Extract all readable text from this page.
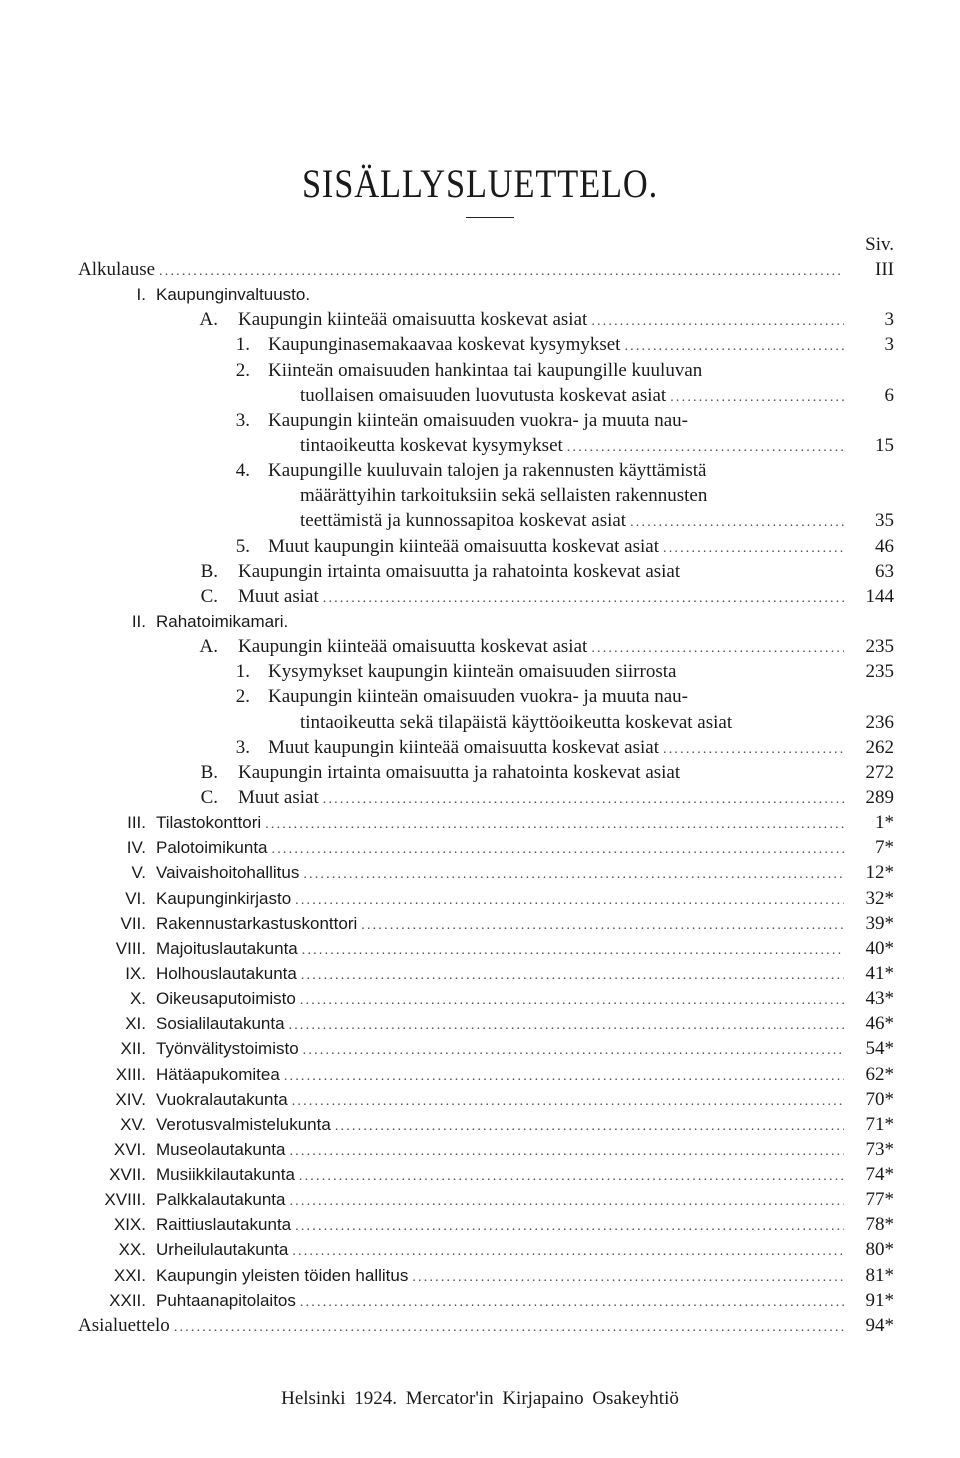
SISÄLLYSLUETTELO.
Siv.
Alkulause .....	III
I. Kaupunginvaltuusto.
A. Kaupungin kiinteää omaisuutta koskevat asiat .....	3
1. Kaupunginasemakaavaa koskevat kysymykset .....	3
2. Kiinteän omaisuuden hankintaa tai kaupungille kuuluvan
tuollaisen omaisuuden luovutusta koskevat asiat .....	6
3. Kaupungin kiinteän omaisuuden vuokra- ja muuta nau-
tintaoikeutta koskevat kysymykset .....	15
4. Kaupungille kuuluvain talojen ja rakennusten käyttämistä
määrättyihin tarkoituksiin sekä sellaisten rakennusten
teettämistä ja kunnossapitoa koskevat asiat .....	35
5. Muut kaupungin kiinteää omaisuutta koskevat asiat .....	46
B. Kaupungin irtainta omaisuutta ja rahatointa koskevat asiat	63
C. Muut asiat .....	144
II. Rahatoimikamari.
A. Kaupungin kiinteää omaisuutta koskevat asiat .....	235
1. Kysymykset kaupungin kiinteän omaisuuden siirrosta	235
2. Kaupungin kiinteän omaisuuden vuokra- ja muuta nau-
tintaoikeutta sekä tilapäistä käyttöoikeutta koskevat asiat	236
3. Muut kaupungin kiinteää omaisuutta koskevat asiat .....	262
B. Kaupungin irtainta omaisuutta ja rahatointa koskevat asiat	272
C. Muut asiat .....	289
III. Tilastokonttori .....	1*
IV. Palotoimikunta .....	7*
V. Vaivaishoitohallitus .....	12*
VI. Kaupunginkirjasto .....	32*
VII. Rakennustarkastuskonttori .....	39*
VIII. Majoituslautakunta .....	40*
IX. Holhouslautakunta .....	41*
X. Oikeusaputoimisto .....	43*
XI. Sosialilautakunta .....	46*
XII. Työnvälitystoimisto .....	54*
XIII. Hätäapukomitea .....	62*
XIV. Vuokralautakunta .....	70*
XV. Verotusvalmistelukunta .....	71*
XVI. Museolautakunta .....	73*
XVII. Musiikkilautakunta .....	74*
XVIII. Palkkalautakunta .....	77*
XIX. Raittiuslautakunta .....	78*
XX. Urheilulautakunta .....	80*
XXI. Kaupungin yleisten töiden hallitus .....	81*
XXII. Puhtaanapitolaitos .....	91*
Asialuettelo .....	94*
Helsinki 1924. Mercator'in Kirjapaino Osakeyhtiö
